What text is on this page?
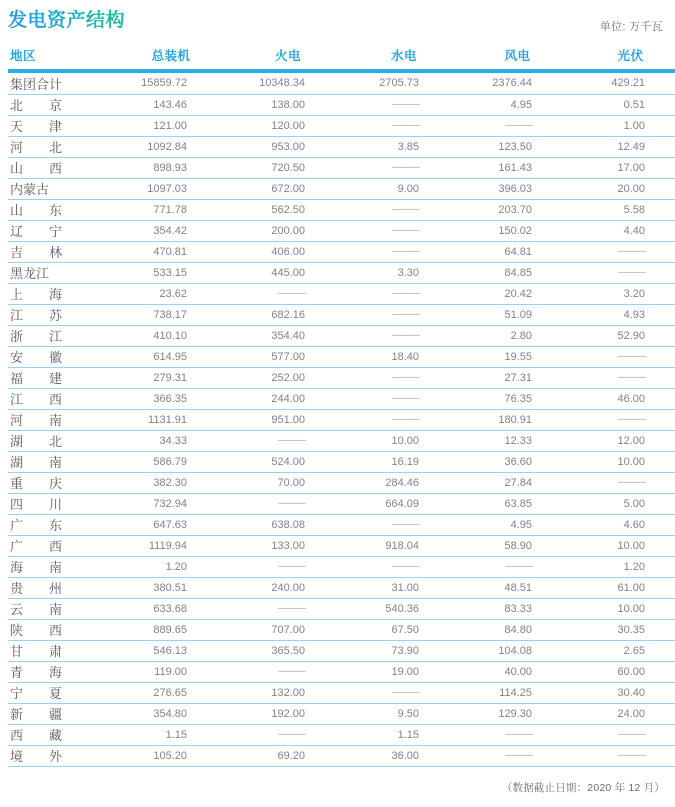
发电资产结构	单位: 万千瓦
地区	总装机	火电	水电	风电	光伏

集团合计	15859.72	10348.34	2705.73	2376.44	429.21
北京	143.46	138.00	———	4.95	0.51
天津	121.00	120.00	———	———	1.00
河北	1092.84	953.00	3.85	123.50	12.49
山西	898.93	720.50	———	161.43	17.00
内蒙古	1097.03	672.00	9.00	396.03	20.00
山东	771.78	562.50	———	203.70	5.58
辽宁	354.42	200.00	———	150.02	4.40
吉林	470.81	406.00	———	64.81	———
黑龙江	533.15	445.00	3.30	84.85	———
上海	23.62	———	———	20.42	3.20
江苏	738.17	682.16	———	51.09	4.93
浙江	410.10	354.40	———	2.80	52.90
安徽	614.95	577.00	18.40	19.55	———
福建	279.31	252.00	———	27.31	———
江西	366.35	244.00	———	76.35	46.00
河南	1131.91	951.00	———	180.91	———
湖北	34.33	———	10.00	12.33	12.00
湖南	586.79	524.00	16.19	36.60	10.00
重庆	382.30	70.00	284.46	27.84	———
四川	732.94	———	664.09	63.85	5.00
广东	647.63	638.08	———	4.95	4.60
广西	1119.94	133.00	918.04	58.90	10.00
海南	1.20	———	———	———	1.20
贵州	380.51	240.00	31.00	48.51	61.00
云南	633.68	———	540.36	83.33	10.00
陕西	889.65	707.00	67.50	84.80	30.35
甘肃	546.13	365.50	73.90	104.08	2.65
青海	119.00	———	19.00	40.00	60.00
宁夏	276.65	132.00	———	114.25	30.40
新疆	354.80	192.00	9.50	129.30	24.00
西藏	1.15	———	1.15	———	———
境外	105.20	69.20	36.00	———	———
（数据截止日期：2020 年 12 月）
